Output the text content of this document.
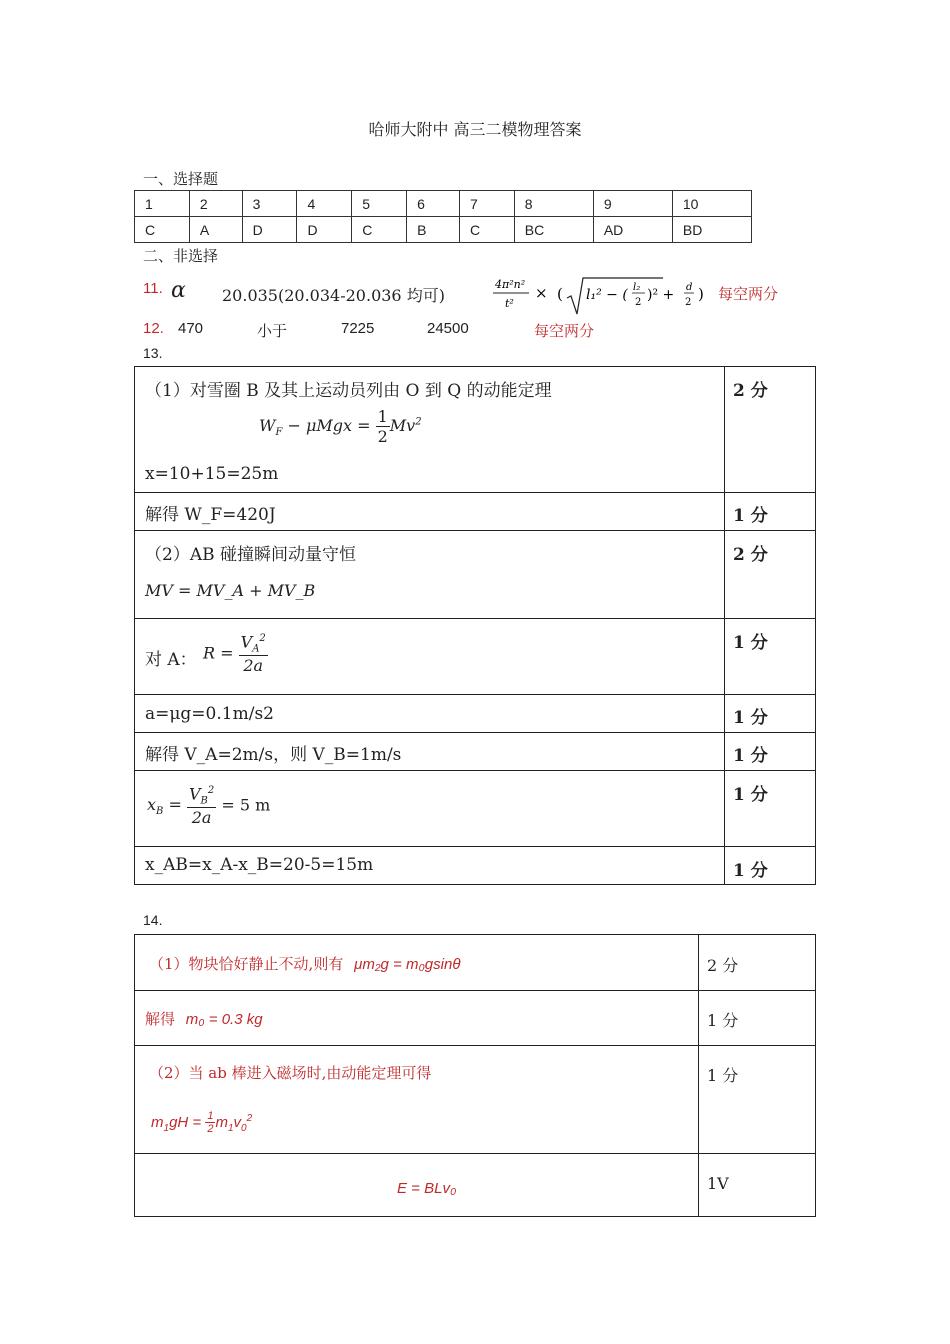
哈师大附中 高三二模物理答案
一、选择题
1	2	3	4	5	6	7	8	9	10
C	A	D	D	C	B	C	BC	AD	BD
二、非选择
11. α 20.035(20.034-20.036 均可)
4π²n²
t²
× ( l₁² − ( l₂
2 )² + d
2 ) 每空两分
12. 470	小于	7225	24500	每空两分
13.
（1）对雪圈 B 及其上运动员列由 O 到 Q 的动能定理
$W_F - \mu Mgx = \frac{1}{2} Mv^2$
x=10+15=25m
2 分
解得 W_F=420J	1 分
（2）AB 碰撞瞬间动量守恒
MV = MV_A + MV_B
2 分
对 A： $R = \frac{V_A^2}{2a}$	1 分
a=μg=0.1m/s2	1 分
解得 V_A=2m/s，则 V_B=1m/s	1 分
$x_B = \frac{V_B^2}{2a} = 5$ m	1 分
x_AB=x_A-x_B=20-5=15m	1 分
14.
（1）物块恰好静止不动,则有 μm₂g = m₀gsinθ	2 分
解得 m₀ = 0.3 kg	1 分
（2）当 ab 棒进入磁场时,由动能定理可得
$m_1gH = \frac{1}{2} m_1v_0^2$
1 分
E = BLv₀	1V
